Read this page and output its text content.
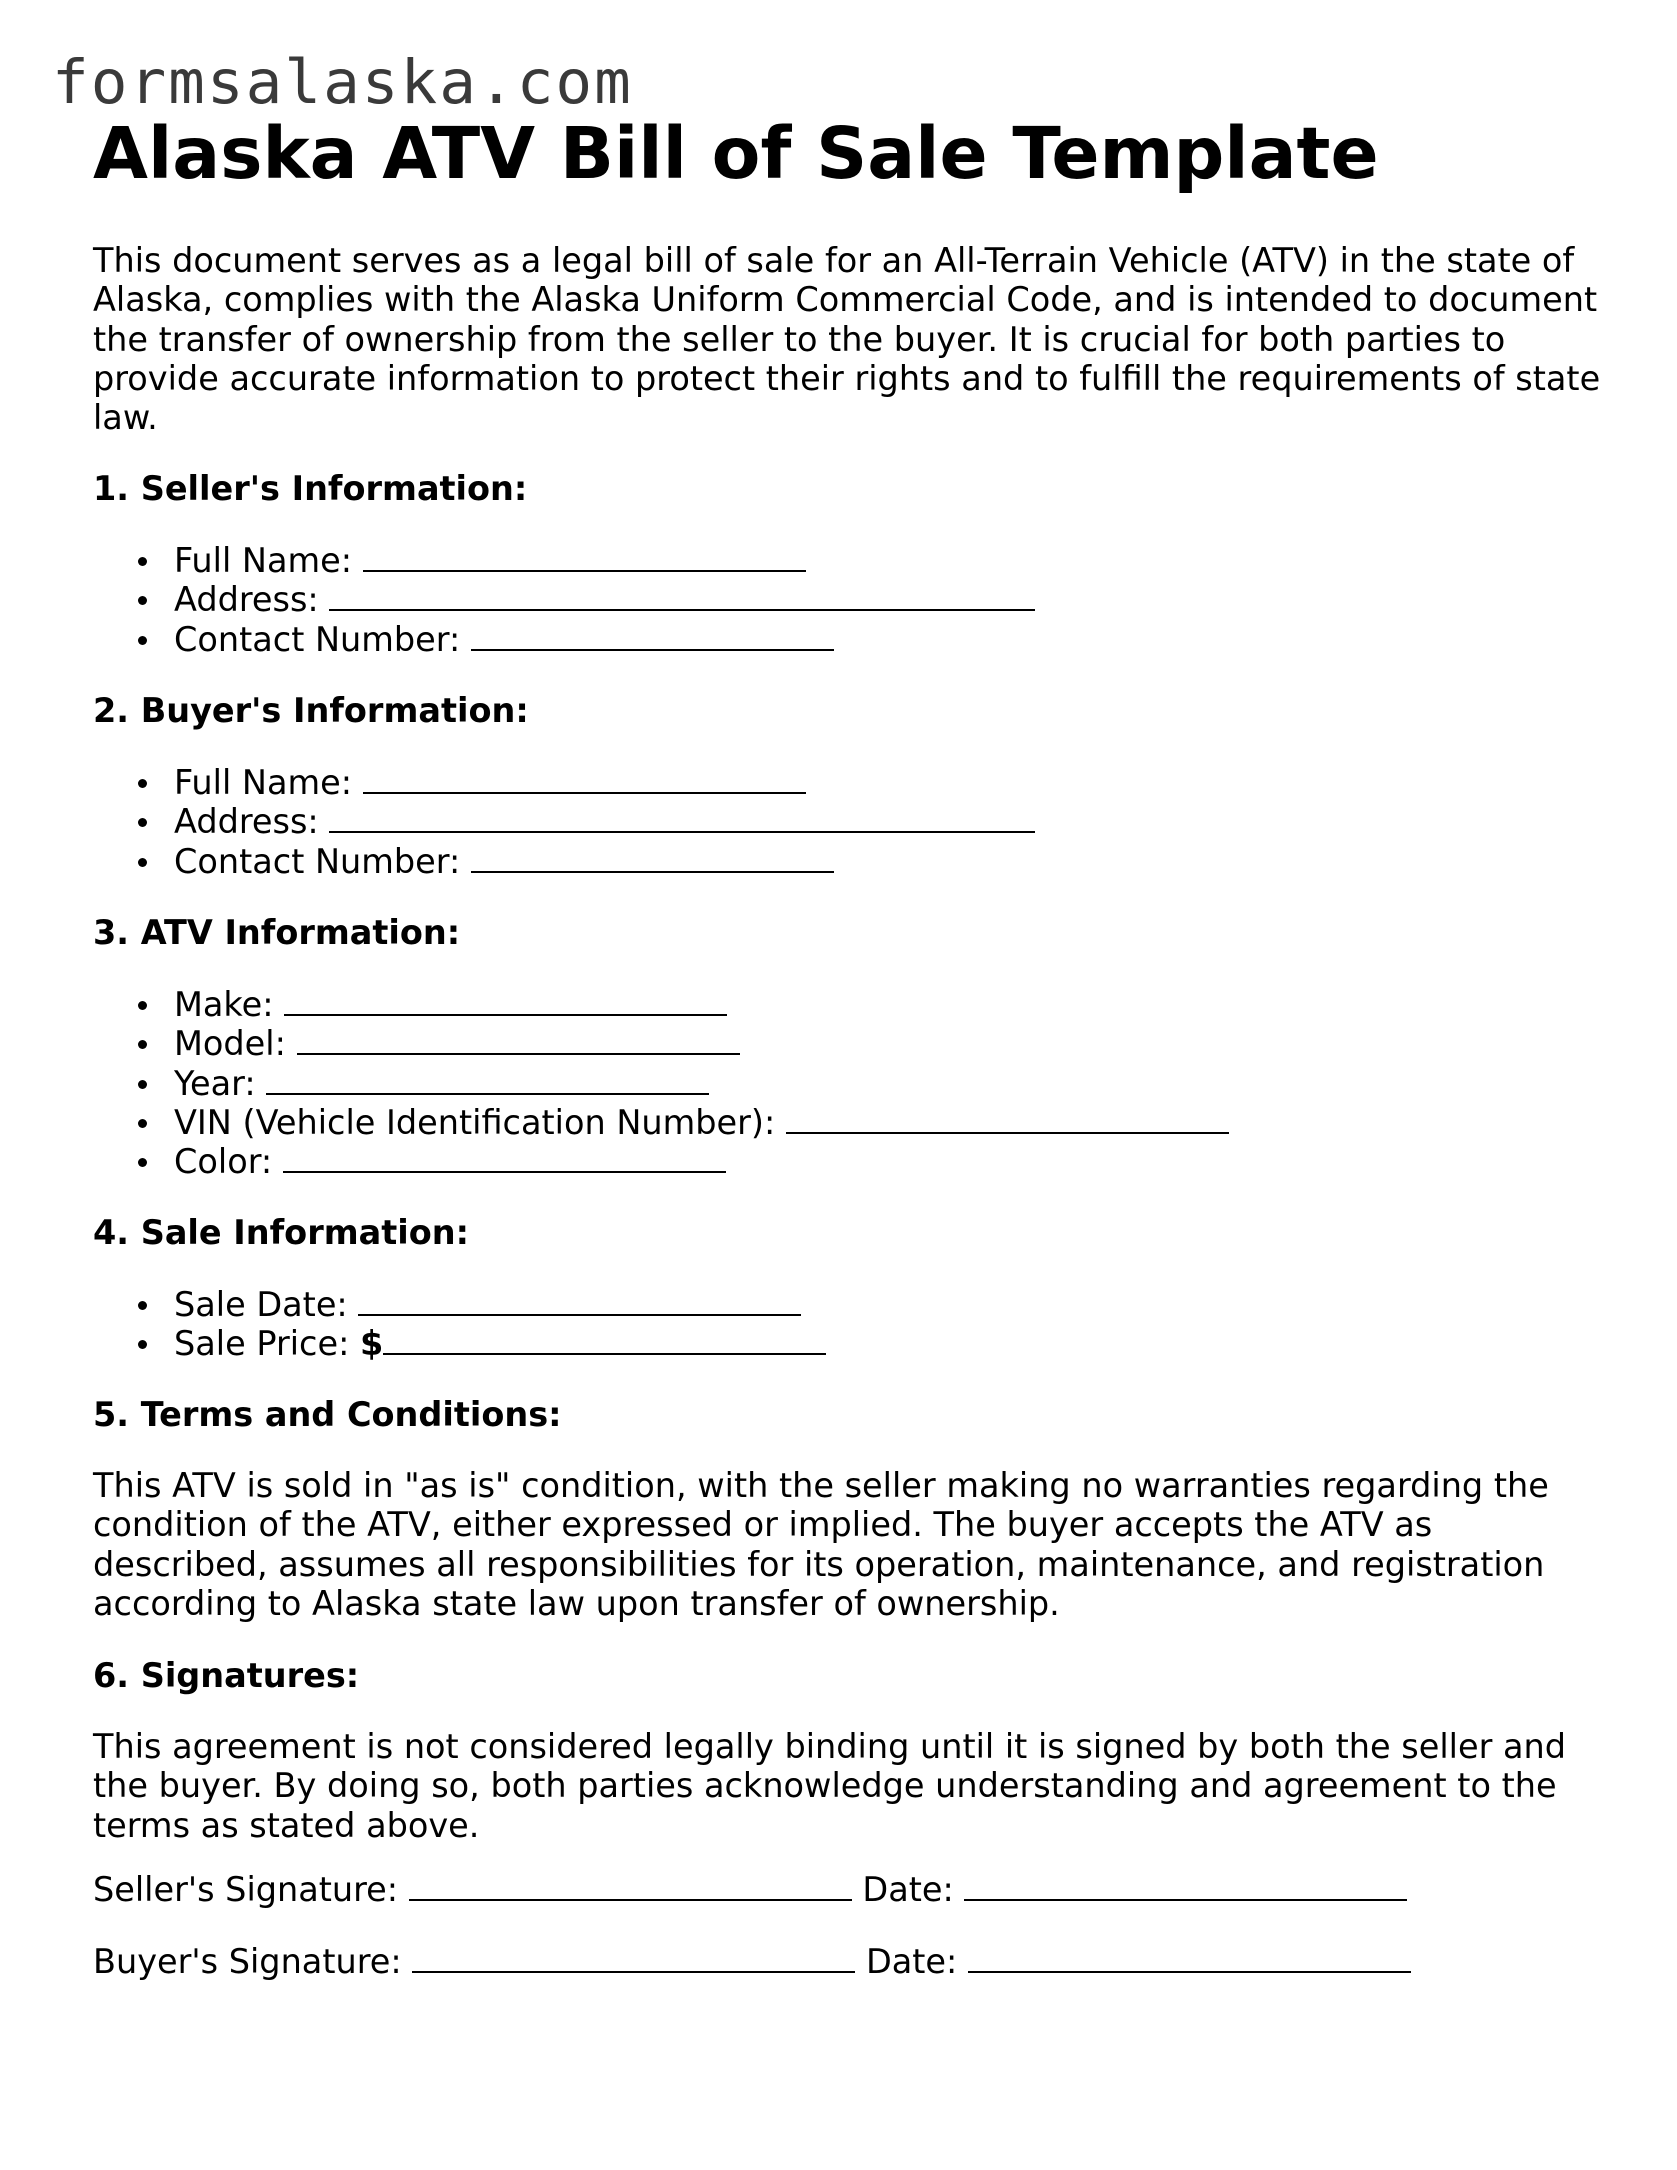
formsalaska.com
Alaska ATV Bill of Sale Template

This document serves as a legal bill of sale for an All-Terrain Vehicle (ATV) in the state of Alaska, complies with the Alaska Uniform Commercial Code, and is intended to document the transfer of ownership from the seller to the buyer. It is crucial for both parties to provide accurate information to protect their rights and to fulfill the requirements of state law.

1. Seller's Information:
Full Name:
Address:
Contact Number:
2. Buyer's Information:
Full Name:
Address:
Contact Number:
3. ATV Information:
Make:
Model:
Year:
VIN (Vehicle Identification Number):
Color:
4. Sale Information:
Sale Date:
Sale Price: $
5. Terms and Conditions:

This ATV is sold in "as is" condition, with the seller making no warranties regarding the condition of the ATV, either expressed or implied. The buyer accepts the ATV as described, assumes all responsibilities for its operation, maintenance, and registration according to Alaska state law upon transfer of ownership.

6. Signatures:

This agreement is not considered legally binding until it is signed by both the seller and the buyer. By doing so, both parties acknowledge understanding and agreement to the terms as stated above.

Seller's Signature:	Date:
Buyer's Signature:	Date:
